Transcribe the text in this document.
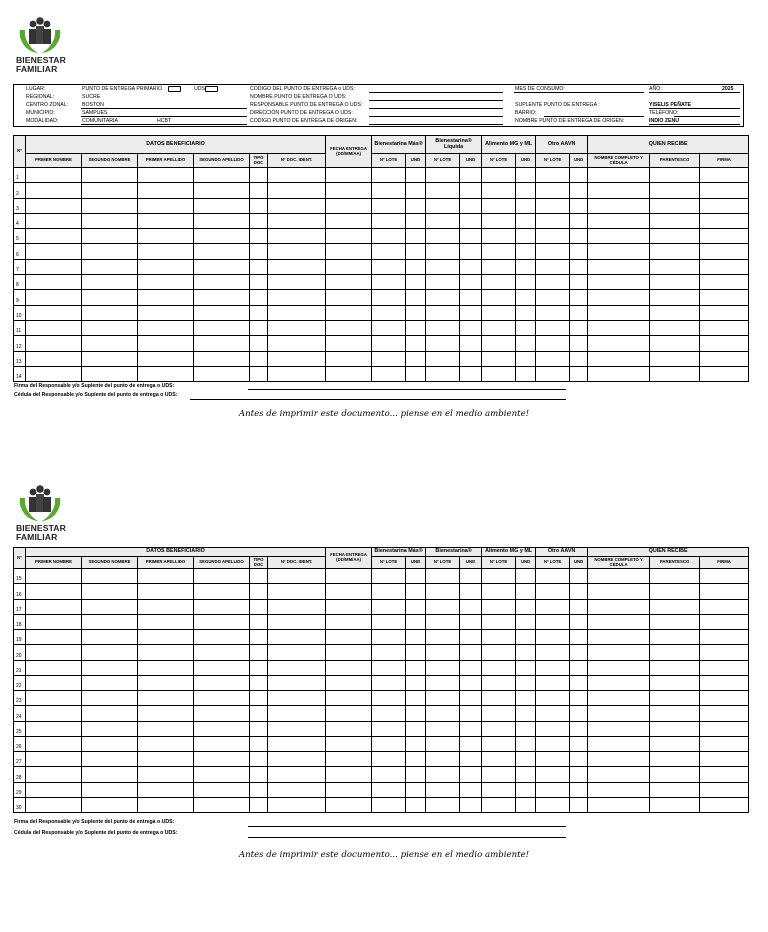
BIENESTAR
FAMILIAR
LUGAR:	PUNTO DE ENTREGA PRIMARIO	UDS
REGIONAL:	SUCRE
CENTRO ZONAL:	BOSTON
MUNICIPIO:	SAMPUES
MODALIDAD:	COMUNITARIA	HCBT
CODIGO DEL PUNTO DE ENTREGA o UDS:
NOMBRE PUNTO DE ENTREGA O UDS:
RESPONSABLE PUNTO DE ENTREGA O UDS:
DIRECCIÓN PUNTO DE ENTREGA O UDS:
CODIGO PUNTO DE ENTREGA DE ORIGEN:
MES DE CONSUMO:	AÑO:	2025
SUPLENTE PUNTO DE ENTREGA :	YISELIS PEÑATE
BARRIO:	TELÉFONO:
NOMBRE PUNTO DE ENTREGA DE ORIGEN:	INDIO ZENU
Nº	DATOS BENEFICIARIO						FECHA ENTREGA (DD/MM/AA)	Bienestarina Más®		Bienestarina® Líquida		Alimento MG y ML		Otro AAVN		QUIEN RECIBE		
	PRIMER NOMBRE	SEGUNDO NOMBRE	PRIMER APELLIDO	SEGUNDO APELLIDO	TIPO DOC	Nº DOC. IDENT.		Nº LOTE	UND	Nº LOTE	UND	Nº LOTE	UND	Nº LOTE	UND	NOMBRE COMPLETO Y CÉDULA	PARENTESCO	FIRMA
1																		
2																		
3																		
4																		
5																		
6																		
7																		
8																		
9																		
10																		
11																		
12																		
13																		
14																		
Firma del Responsable y/o Suplente del punto de entrega o UDS:
Cédula del Responsable y/o Suplente del punto de entrega o UDS:
Antes de imprimir este documento... piense en el medio ambiente!
BIENESTAR
FAMILIAR
Nº	DATOS BENEFICIARIO						FECHA ENTREGA (DD/MM/AA)	Bienestarina Más®		Bienestarina®		Alimento MG y ML		Otro AAVN		QUIEN RECIBE		
	PRIMER NOMBRE	SEGUNDO NOMBRE	PRIMER APELLIDO	SEGUNDO APELLIDO	TIPO DOC	Nº DOC. IDENT.		Nº LOTE	UND	Nº LOTE	UND	Nº LOTE	UND	Nº LOTE	UND	NOMBRE COMPLETO Y CÉDULA	PARENTESCO	FIRMA
15																		
16																		
17																		
18																		
19																		
20																		
21																		
22																		
23																		
24																		
25																		
26																		
27																		
28																		
29																		
30																		
Firma del Responsable y/o Suplente del punto de entrega o UDS:
Cédula del Responsable y/o Suplente del punto de entrega o UDS:
Antes de imprimir este documento... piense en el medio ambiente!
